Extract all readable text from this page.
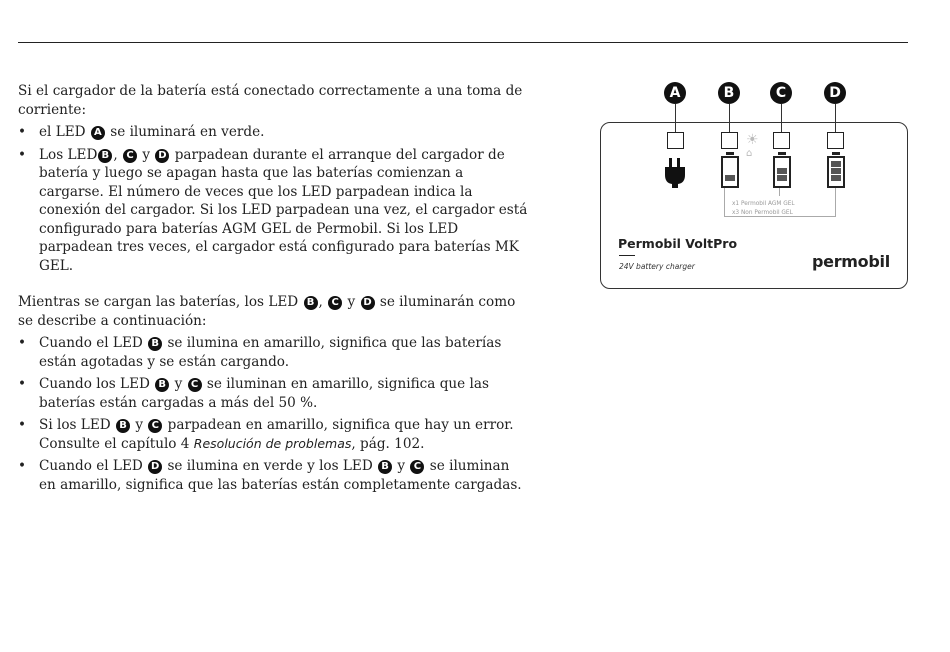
Si el cargador de la batería está conectado correctamente a una toma de corriente:

• el LED A se iluminará en verde.
• Los LED B , C y D parpadean durante el arranque del cargador de batería y luego se apagan hasta que las baterías comienzan a cargarse. El número de veces que los LED parpadean indica la conexión del cargador. Si los LED parpadean una vez, el cargador está configurado para baterías AGM GEL de Permobil. Si los LED parpadean tres veces, el cargador está configurado para baterías MK GEL.

Mientras se cargan las baterías, los LED B , C y D se iluminarán como se describe a continuación:

• Cuando el LED B se ilumina en amarillo, significa que las baterías están agotadas y se están cargando.
• Cuando los LED B y C se iluminan en amarillo, significa que las baterías están cargadas a más del 50 %.
• Si los LED B y C parpadean en amarillo, significa que hay un error. Consulte el capítulo 4 Resolución de problemas, pág. 102.
• Cuando el LED D se ilumina en verde y los LED B y C se iluminan en amarillo, significa que las baterías están completamente cargadas.
A	B	C	D
☀
⌂
x1 Permobil AGM GEL
x3 Non Permobil GEL
Permobil VoltPro
24V battery charger	permobil
